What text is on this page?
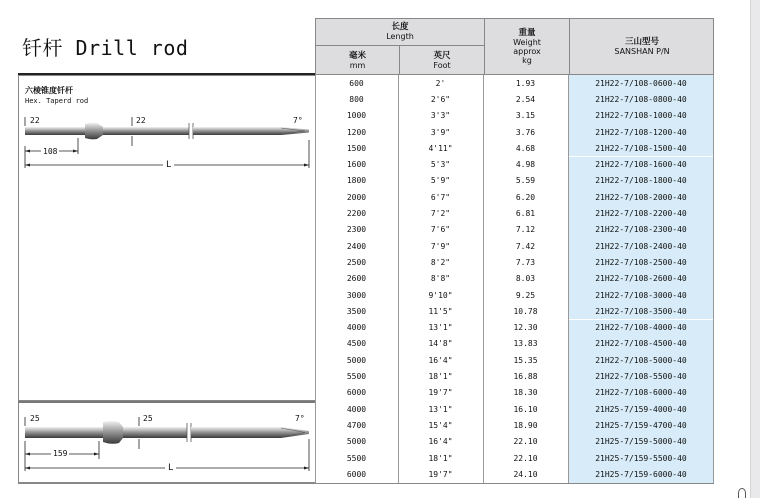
钎杆 Drill rod
长度
Length
毫米
mm
英尺
Foot
重量
Weight
approx
kg
三山型号
SANSHAN P/N
六棱锥度钎杆
Hex. Taperd rod
22	22	7°
108
L
25	25	7°
159
L
600	2'	1.93	21H22-7/108-0600-40
800	2'6"	2.54	21H22-7/108-0800-40
1000	3'3"	3.15	21H22-7/108-1000-40
1200	3'9"	3.76	21H22-7/108-1200-40
1500	4'11"	4.68	21H22-7/108-1500-40
1600	5'3"	4.98	21H22-7/108-1600-40
1800	5'9"	5.59	21H22-7/108-1800-40
2000	6'7"	6.20	21H22-7/108-2000-40
2200	7'2"	6.81	21H22-7/108-2200-40
2300	7'6"	7.12	21H22-7/108-2300-40
2400	7'9"	7.42	21H22-7/108-2400-40
2500	8'2"	7.73	21H22-7/108-2500-40
2600	8'8"	8.03	21H22-7/108-2600-40
3000	9'10"	9.25	21H22-7/108-3000-40
3500	11'5"	10.78	21H22-7/108-3500-40
4000	13'1"	12.30	21H22-7/108-4000-40
4500	14'8"	13.83	21H22-7/108-4500-40
5000	16'4"	15.35	21H22-7/108-5000-40
5500	18'1"	16.88	21H22-7/108-5500-40
6000	19'7"	18.30	21H22-7/108-6000-40
4000	13'1"	16.10	21H25-7/159-4000-40
4700	15'4"	18.90	21H25-7/159-4700-40
5000	16'4"	22.10	21H25-7/159-5000-40
5500	18'1"	22.10	21H25-7/159-5500-40
6000	19'7"	24.10	21H25-7/159-6000-40
